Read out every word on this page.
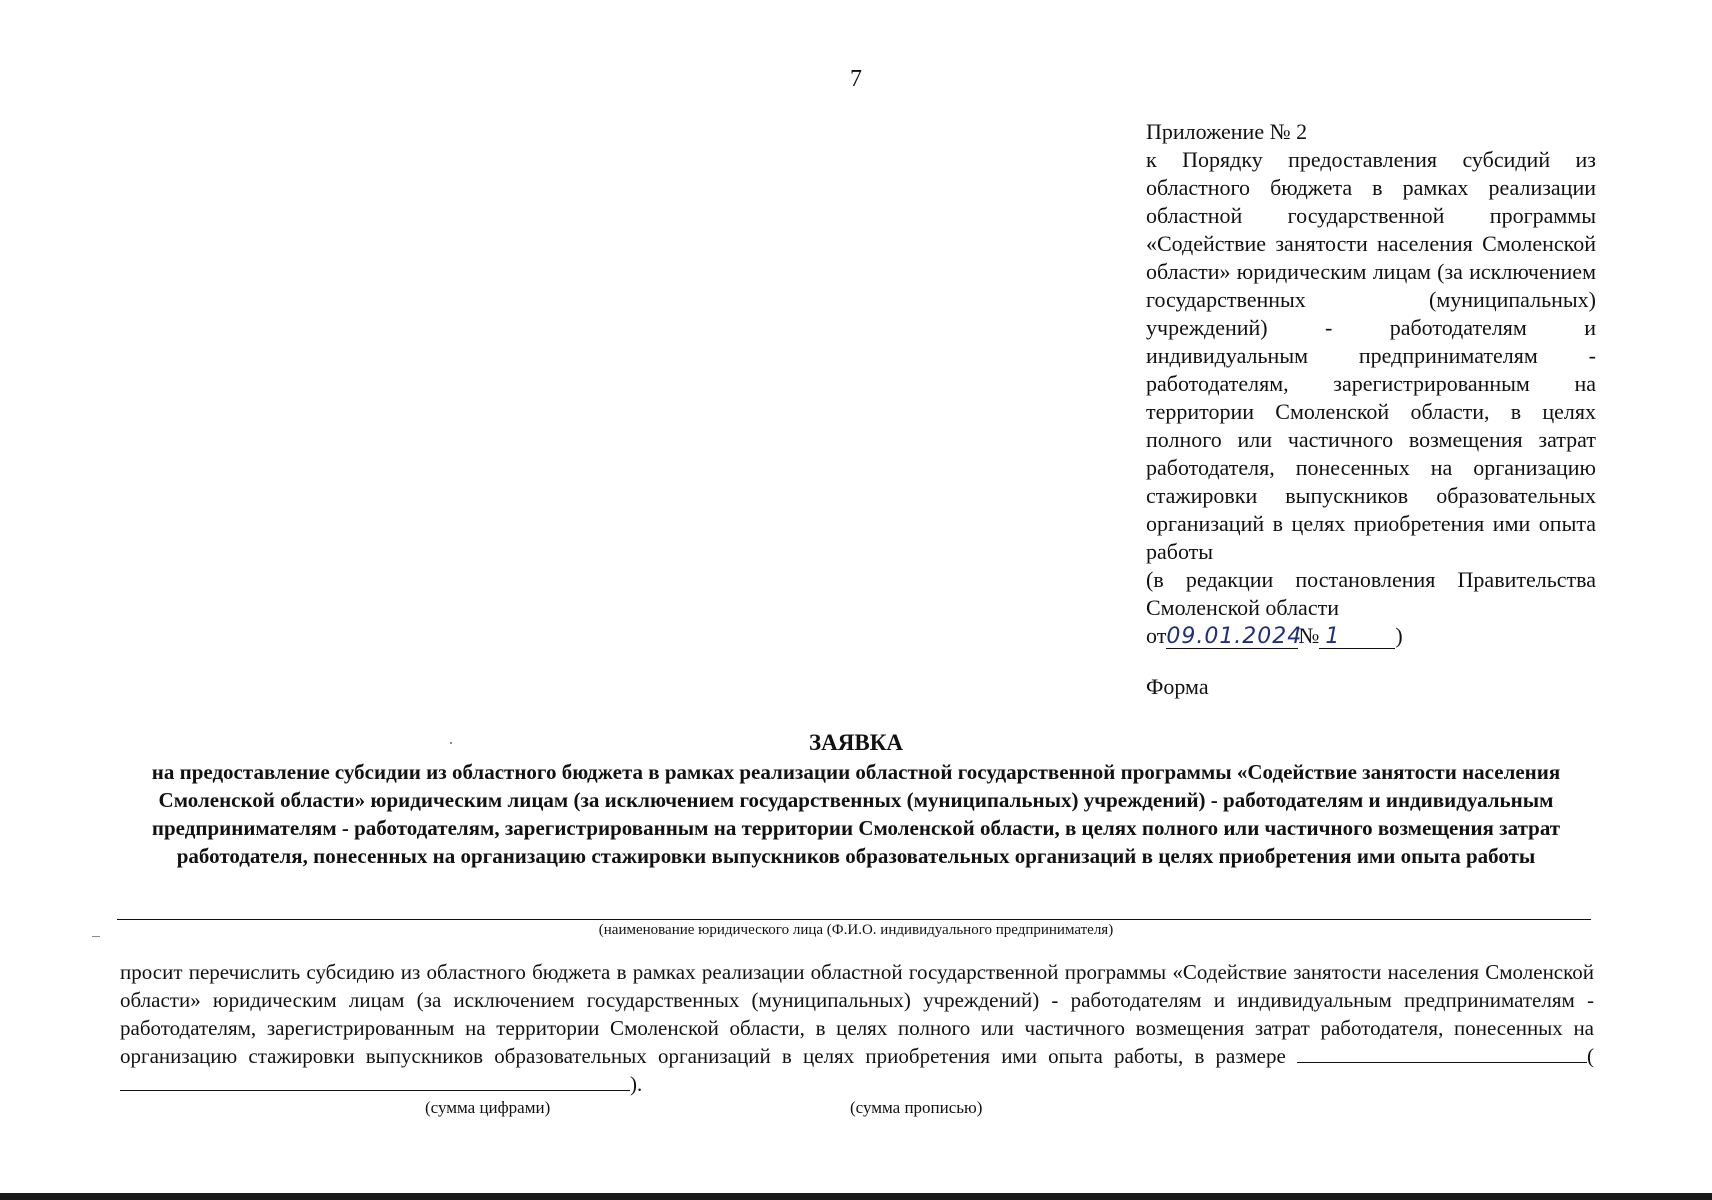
7
Приложение № 2
к Порядку предоставления субсидий из областного бюджета в рамках реализации областной государственной программы «Содействие занятости населения Смоленской области» юридическим лицам (за исключением государственных (муниципальных) учреждений) - работодателям и индивидуальным предпринимателям - работодателям, зарегистрированным на территории Смоленской области, в целях полного или частичного возмещения затрат работодателя, понесенных на организацию стажировки выпускников образовательных организаций в целях приобретения ими опыта работы
(в редакции постановления Правительства Смоленской области
от09.01.2024№ 1	)
Форма
ЗАЯВКА
на предоставление субсидии из областного бюджета в рамках реализации областной государственной программы «Содействие занятости населения Смоленской области» юридическим лицам (за исключением государственных (муниципальных) учреждений) - работодателям и индивидуальным предпринимателям - работодателям, зарегистрированным на территории Смоленской области, в целях полного или частичного возмещения затрат работодателя, понесенных на организацию стажировки выпускников образовательных организаций в целях приобретения ими опыта работы
(наименование юридического лица (Ф.И.О. индивидуального предпринимателя)
просит перечислить субсидию из областного бюджета в рамках реализации областной государственной программы «Содействие занятости населения Смоленской области» юридическим лицам (за исключением государственных (муниципальных) учреждений) - работодателям и индивидуальным предпринимателям - работодателям, зарегистрированным на территории Смоленской области, в целях полного или частичного возмещения затрат работодателя, понесенных на организацию стажировки выпускников образовательных организаций в целях приобретения ими опыта работы, в размере	().
(сумма цифрами)	(сумма прописью)
